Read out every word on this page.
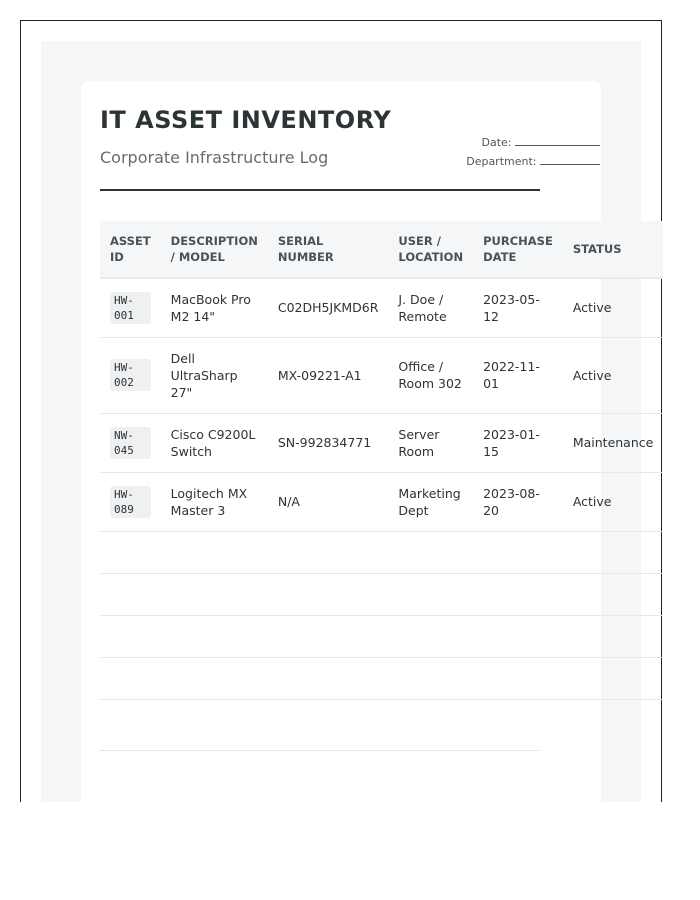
IT ASSET INVENTORY
Corporate Infrastructure Log
Date:
Department:
ASSET ID	DESCRIPTION / MODEL	SERIAL NUMBER	USER / LOCATION	PURCHASE DATE	STATUS
HW-001	MacBook Pro M2 14"	C02DH5JKMD6R	J. Doe / Remote	2023-05-12	Active
HW-002	Dell UltraSharp 27"	MX-09221-A1	Office / Room 302	2022-11-01	Active
NW-045	Cisco C9200L Switch	SN-992834771	Server Room	2023-01-15	Maintenance
HW-089	Logitech MX Master 3	N/A	Marketing Dept	2023-08-20	Active
